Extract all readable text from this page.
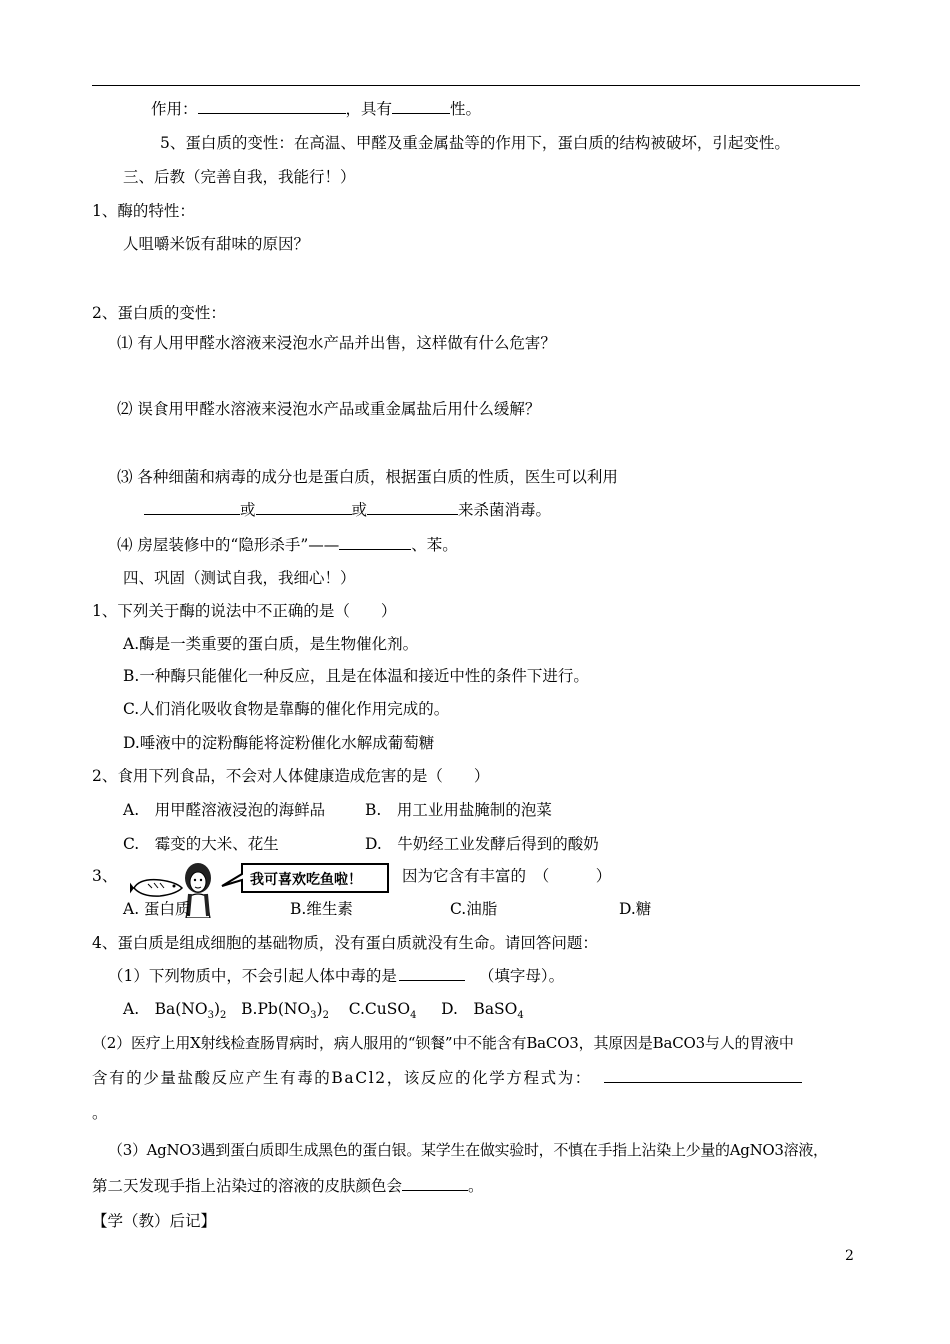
作用：	，具有	性。
5、蛋白质的变性：在高温、甲醛及重金属盐等的作用下，蛋白质的结构被破坏，引起变性。
三、后教（完善自我，我能行！）
1、酶的特性：
人咀嚼米饭有甜味的原因？
2、蛋白质的变性：
⑴ 有人用甲醛水溶液来浸泡水产品并出售，这样做有什么危害？
⑵ 误食用甲醛水溶液来浸泡水产品或重金属盐后用什么缓解？
⑶ 各种细菌和病毒的成分也是蛋白质，根据蛋白质的性质，医生可以利用
或	或	来杀菌消毒。
⑷ 房屋装修中的“隐形杀手”——	、苯。
四、巩固（测试自我，我细心！）
1、下列关于酶的说法中不正确的是（　　）
A.酶是一类重要的蛋白质，是生物催化剂。
B.一种酶只能催化一种反应，且是在体温和接近中性的条件下进行。
C.人们消化吸收食物是靠酶的催化作用完成的。
D.唾液中的淀粉酶能将淀粉催化水解成葡萄糖
2、食用下列食品，不会对人体健康造成危害的是（　　）
A.　用甲醛溶液浸泡的海鲜品	B.　用工业用盐腌制的泡菜
C.　霉变的大米、花生	D.　牛奶经工业发酵后得到的酸奶
3、	我可喜欢吃鱼啦！	因为它含有丰富的　（　　　）
A. 蛋白质	B.维生素	C.油脂	D.糖
4、蛋白质是组成细胞的基础物质，没有蛋白质就没有生命。请回答问题：
（1）下列物质中，不会引起人体中毒的是	（填字母）。
A.　$Ba(NO_3)_2$ $B.Pb(NO_3)_2$ C.CuSO$_4$ D.　BaSO$_4$
（2）医疗上用X射线检查肠胃病时，病人服用的“钡餐”中不能含有BaCO3，其原因是BaCO3与人的胃液中
含有的少量盐酸反应产生有毒的BaCl2，该反应的化学方程式为：
。
（3）AgNO3遇到蛋白质即生成黑色的蛋白银。某学生在做实验时，不慎在手指上沾染上少量的AgNO3溶液，
第二天发现手指上沾染过的溶液的皮肤颜色会	。
【学（教）后记】
2
